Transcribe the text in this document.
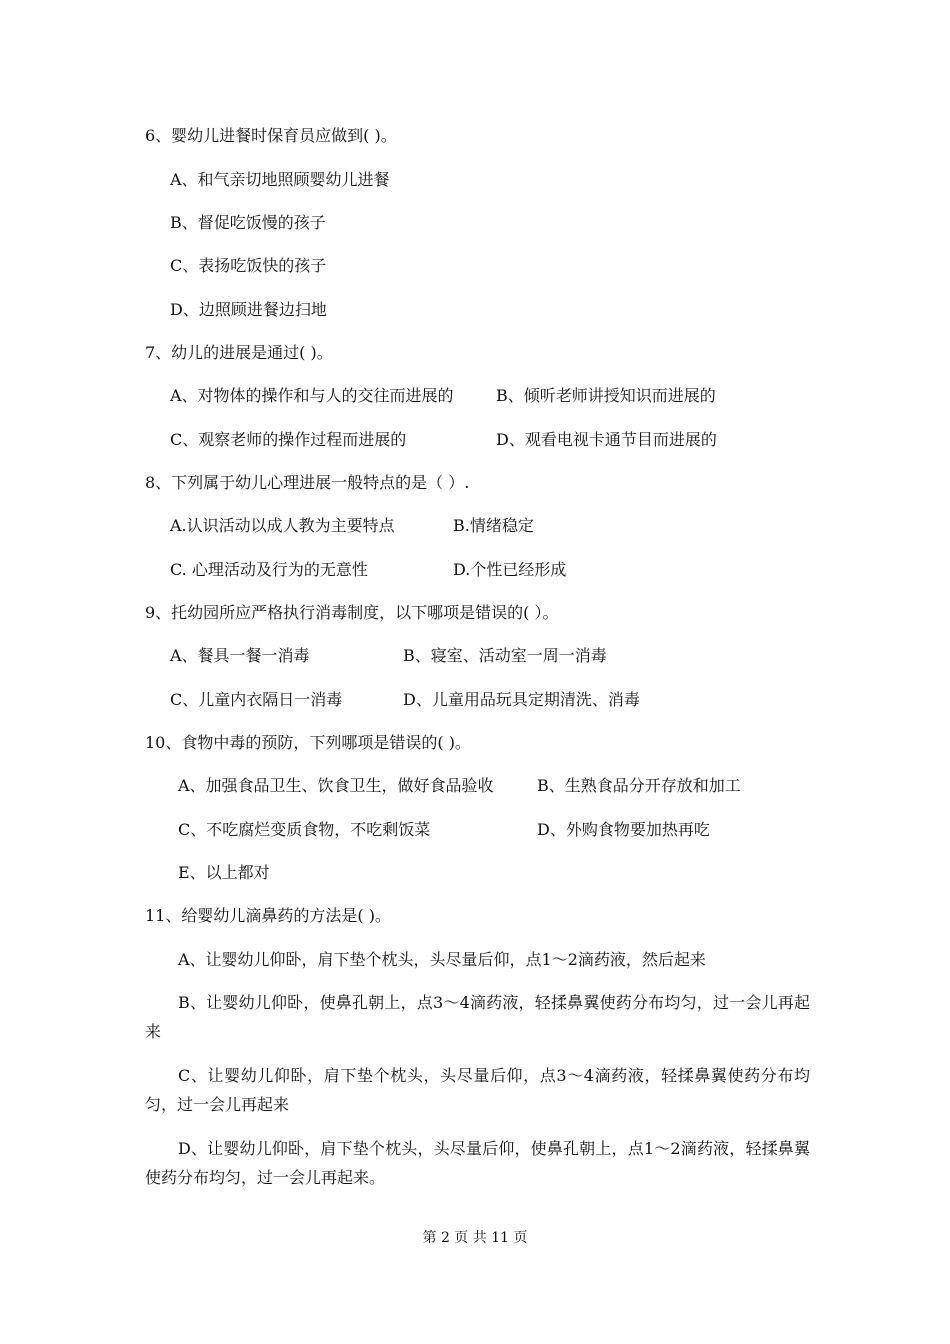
6、婴幼儿进餐时保育员应做到( )。
A、和气亲切地照顾婴幼儿进餐
B、督促吃饭慢的孩子
C、表扬吃饭快的孩子
D、边照顾进餐边扫地
7、幼儿的进展是通过( )。
A、对物体的操作和与人的交往而进展的	B、倾听老师讲授知识而进展的
C、观察老师的操作过程而进展的	D、观看电视卡通节目而进展的
8、下列属于幼儿心理进展一般特点的是（ ）.
A.认识活动以成人教为主要特点	B.情绪稳定
C. 心理活动及行为的无意性	D.个性已经形成
9、托幼园所应严格执行消毒制度，以下哪项是错误的( ）。
A、餐具一餐一消毒	B、寝室、活动室一周一消毒
C、儿童内衣隔日一消毒	D、儿童用品玩具定期清洗、消毒
10、食物中毒的预防，下列哪项是错误的( )。
A、加强食品卫生、饮食卫生，做好食品验收	B、生熟食品分开存放和加工
C、不吃腐烂变质食物，不吃剩饭菜	D、外购食物要加热再吃
E、以上都对
11、给婴幼儿滴鼻药的方法是( )。
A、让婴幼儿仰卧，肩下垫个枕头，头尽量后仰，点1～2滴药液，然后起来
B、让婴幼儿仰卧，使鼻孔朝上，点3～4滴药液，轻揉鼻翼使药分布均匀，过一会儿再起来
C、让婴幼儿仰卧，肩下垫个枕头，头尽量后仰，点3～4滴药液，轻揉鼻翼使药分布均匀，过一会儿再起来
D、让婴幼儿仰卧，肩下垫个枕头，头尽量后仰，使鼻孔朝上，点1～2滴药液，轻揉鼻翼使药分布均匀，过一会儿再起来。
第 2 页 共 11 页
